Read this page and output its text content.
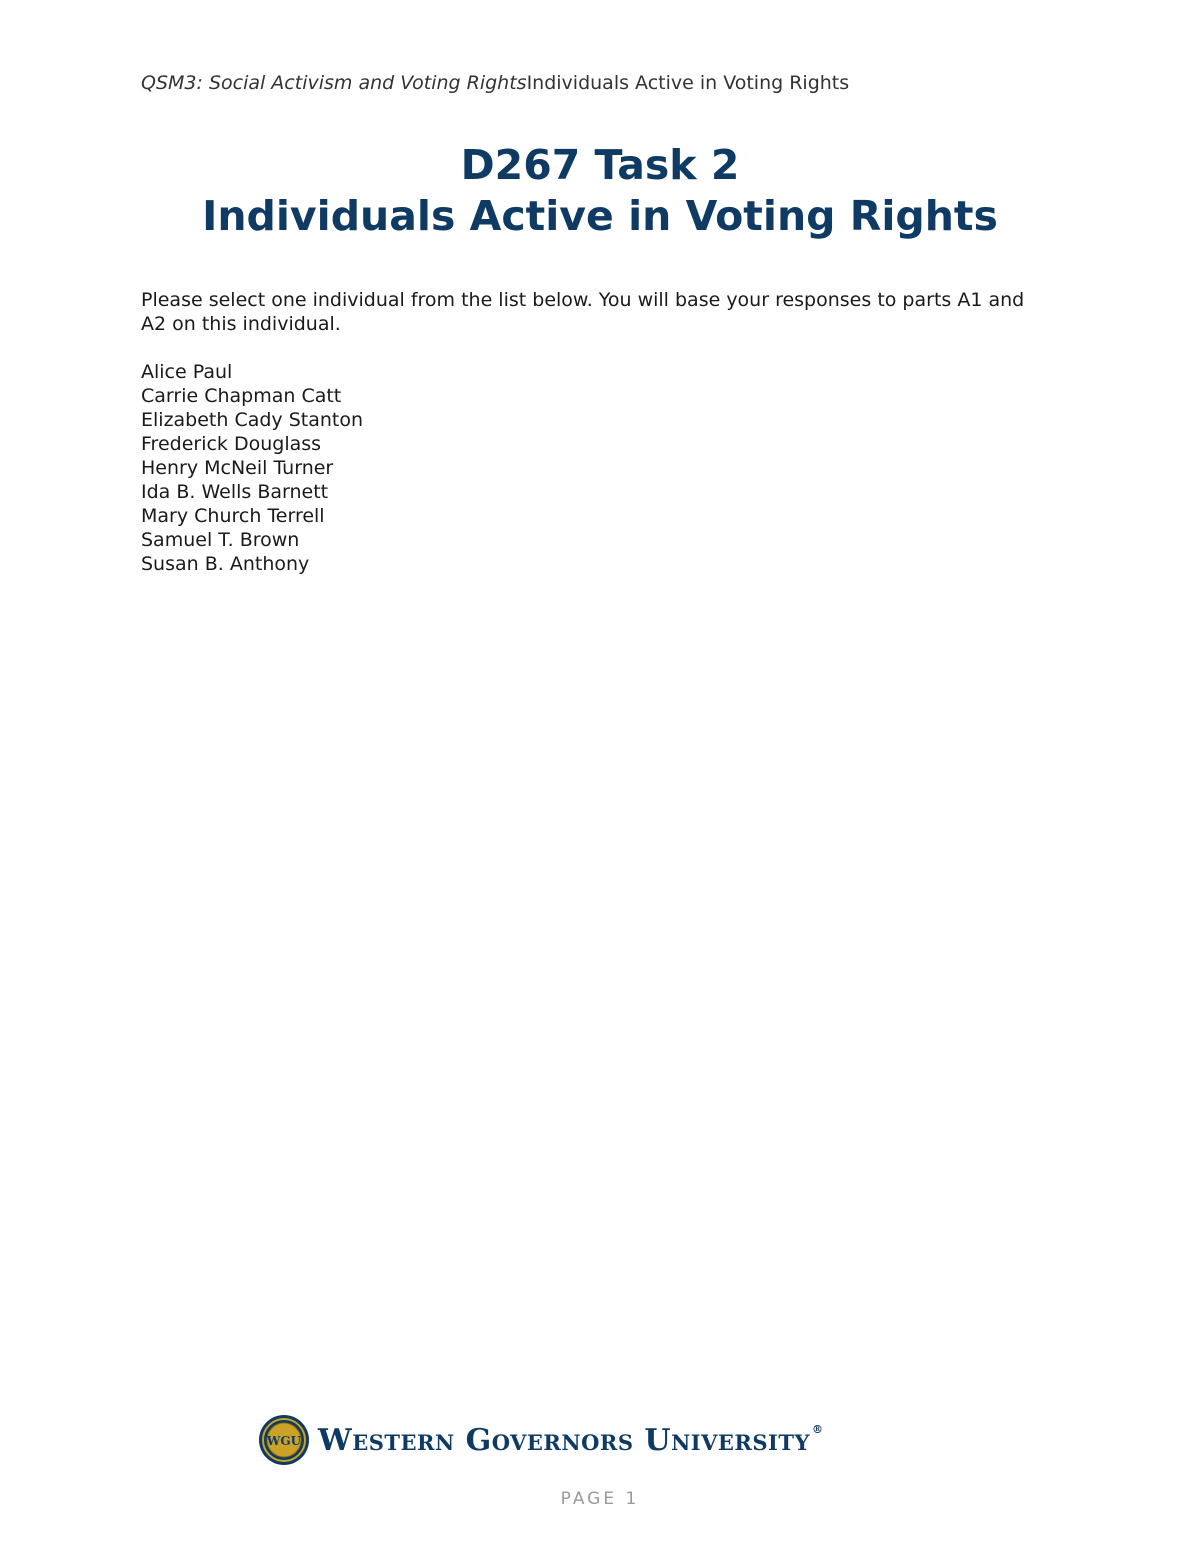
QSM3: Social Activism and Voting RightsIndividuals Active in Voting Rights
D267 Task 2
Individuals Active in Voting Rights
Please select one individual from the list below. You will base your responses to parts A1 and A2 on this individual.
Alice Paul
Carrie Chapman Catt
Elizabeth Cady Stanton
Frederick Douglass
Henry McNeil Turner
Ida B. Wells Barnett
Mary Church Terrell
Samuel T. Brown
Susan B. Anthony
WGU Western Governors University ®
PAGE 1
